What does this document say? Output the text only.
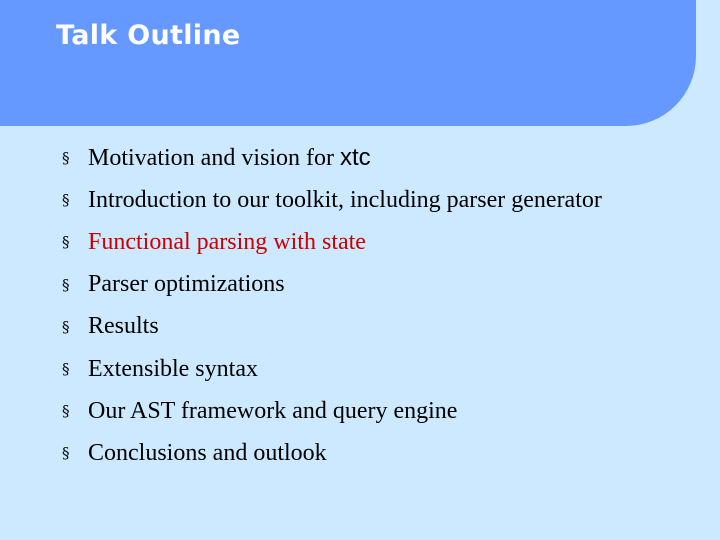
Talk Outline
§ Motivation and vision for xtc
§ Introduction to our toolkit, including parser generator
§ Functional parsing with state
§ Parser optimizations
§ Results
§ Extensible syntax
§ Our AST framework and query engine
§ Conclusions and outlook
